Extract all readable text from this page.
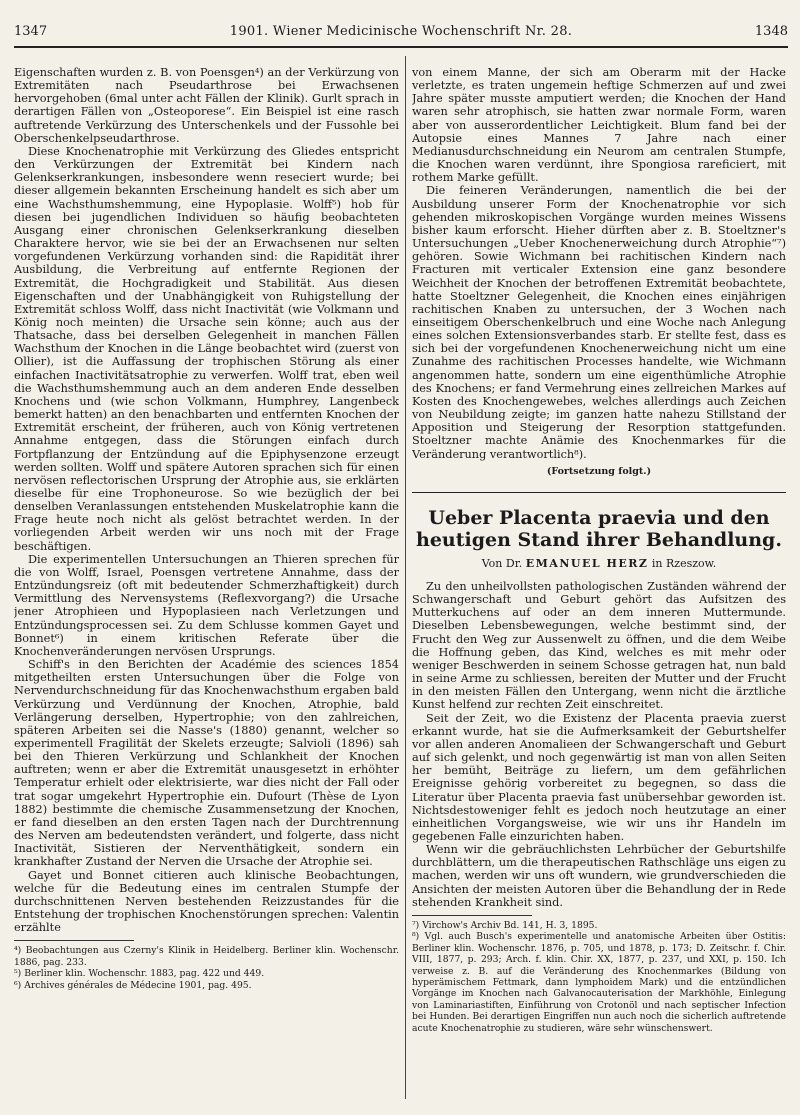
1347	1901. Wiener Medicinische Wochenschrift Nr. 28.	1348

Eigenschaften wurden z. B. von Poensgen⁴) an der Verkürzung von Extremitäten nach Pseudarthrose bei Erwachsenen hervorgehoben (6mal unter acht Fällen der Klinik). Gurlt sprach in derartigen Fällen von „Osteoporese“. Ein Beispiel ist eine rasch auftretende Verkürzung des Unterschenkels und der Fussohle bei Oberschenkelpseudarthrose.

Diese Knochenatrophie mit Verkürzung des Gliedes entspricht den Verkürzungen der Extremität bei Kindern nach Gelenkserkrankungen, insbesondere wenn reseciert wurde; bei dieser allgemein bekannten Erscheinung handelt es sich aber um eine Wachsthumshemmung, eine Hypoplasie. Wolff⁵) hob für diesen bei jugendlichen Individuen so häufig beobachteten Ausgang einer chronischen Gelenkserkrankung dieselben Charaktere hervor, wie sie bei der an Erwachsenen nur selten vorgefundenen Verkürzung vorhanden sind: die Rapidität ihrer Ausbildung, die Verbreitung auf entfernte Regionen der Extremität, die Hochgradigkeit und Stabilität. Aus diesen Eigenschaften und der Unabhängigkeit von Ruhigstellung der Extremität schloss Wolff, dass nicht Inactivität (wie Volkmann und König noch meinten) die Ursache sein könne; auch aus der Thatsache, dass bei derselben Gelegenheit in manchen Fällen Wachsthum der Knochen in die Länge beobachtet wird (zuerst von Ollier), ist die Auffassung der trophischen Störung als einer einfachen Inactivitätsatrophie zu verwerfen. Wolff trat, eben weil die Wachsthumshemmung auch an dem anderen Ende desselben Knochens und (wie schon Volkmann, Humphrey, Langenbeck bemerkt hatten) an den benachbarten und entfernten Knochen der Extremität erscheint, der früheren, auch von König vertretenen Annahme entgegen, dass die Störungen einfach durch Fortpflanzung der Entzündung auf die Epiphysenzone erzeugt werden sollten. Wolff und spätere Autoren sprachen sich für einen nervösen reflectorischen Ursprung der Atrophie aus, sie erklärten dieselbe für eine Trophoneurose. So wie bezüglich der bei denselben Veranlassungen entstehenden Muskelatrophie kann die Frage heute noch nicht als gelöst betrachtet werden. In der vorliegenden Arbeit werden wir uns noch mit der Frage beschäftigen.

Die experimentellen Untersuchungen an Thieren sprechen für die von Wolff, Israel, Poensgen vertretene Annahme, dass der Entzündungsreiz (oft mit bedeutender Schmerzhaftigkeit) durch Vermittlung des Nervensystems (Reflexvorgang?) die Ursache jener Atrophieen und Hypoplasieen nach Verletzungen und Entzündungsprocessen sei. Zu dem Schlusse kommen Gayet und Bonnet⁶) in einem kritischen Referate über die Knochenveränderungen nervösen Ursprungs.

Schiff's in den Berichten der Académie des sciences 1854 mitgetheilten ersten Untersuchungen über die Folge von Nervendurchschneidung für das Knochenwachsthum ergaben bald Verkürzung und Verdünnung der Knochen, Atrophie, bald Verlängerung derselben, Hypertrophie; von den zahlreichen, späteren Arbeiten sei die Nasse's (1880) genannt, welcher so experimentell Fragilität der Skelets erzeugte; Salvioli (1896) sah bei den Thieren Verkürzung und Schlankheit der Knochen auftreten; wenn er aber die Extremität unausgesetzt in erhöhter Temperatur erhielt oder elektrisierte, war dies nicht der Fall oder trat sogar umgekehrt Hypertrophie ein. Dufourt (Thèse de Lyon 1882) bestimmte die chemische Zusammensetzung der Knochen, er fand dieselben an den ersten Tagen nach der Durchtrennung des Nerven am bedeutendsten verändert, und folgerte, dass nicht Inactivität, Sistieren der Nerventhätigkeit, sondern ein krankhafter Zustand der Nerven die Ursache der Atrophie sei.

Gayet und Bonnet citieren auch klinische Beobachtungen, welche für die Bedeutung eines im centralen Stumpfe der durchschnittenen Nerven bestehenden Reizzustandes für die Entstehung der trophischen Knochenstörungen sprechen: Valentin erzählte

⁴) Beobachtungen aus Czerny's Klinik in Heidelberg. Berliner klin. Wochenschr. 1886, pag. 233.

⁵) Berliner klin. Wochenschr. 1883, pag. 422 und 449.

⁶) Archives générales de Médecine 1901, pag. 495.

von einem Manne, der sich am Oberarm mit der Hacke verletzte, es traten ungemein heftige Schmerzen auf und zwei Jahre später musste amputiert werden; die Knochen der Hand waren sehr atrophisch, sie hatten zwar normale Form, waren aber von ausserordentlicher Leichtigkeit. Blum fand bei der Autopsie eines Mannes 7 Jahre nach einer Medianusdurchschneidung ein Neurom am centralen Stumpfe, die Knochen waren verdünnt, ihre Spongiosa rareficiert, mit rothem Marke gefüllt.

Die feineren Veränderungen, namentlich die bei der Ausbildung unserer Form der Knochenatrophie vor sich gehenden mikroskopischen Vorgänge wurden meines Wissens bisher kaum erforscht. Hieher dürften aber z. B. Stoeltzner's Untersuchungen „Ueber Knochenerweichung durch Atrophie“⁷) gehören. Sowie Wichmann bei rachitischen Kindern nach Fracturen mit verticaler Extension eine ganz besondere Weichheit der Knochen der betroffenen Extremität beobachtete, hatte Stoeltzner Gelegenheit, die Knochen eines einjährigen rachitischen Knaben zu untersuchen, der 3 Wochen nach einseitigem Oberschenkelbruch und eine Woche nach Anlegung eines solchen Extensionsverbandes starb. Er stellte fest, dass es sich bei der vorgefundenen Knochenerweichung nicht um eine Zunahme des rachitischen Processes handelte, wie Wichmann angenommen hatte, sondern um eine eigenthümliche Atrophie des Knochens; er fand Vermehrung eines zellreichen Markes auf Kosten des Knochengewebes, welches allerdings auch Zeichen von Neubildung zeigte; im ganzen hatte nahezu Stillstand der Apposition und Steigerung der Resorption stattgefunden. Stoeltzner machte Anämie des Knochenmarkes für die Veränderung verantwortlich⁸).

(Fortsetzung folgt.)
Ueber Placenta praevia und den heutigen Stand ihrer Behandlung.
Von Dr. EMANUEL HERZ in Rzeszow.

Zu den unheilvollsten pathologischen Zuständen während der Schwangerschaft und Geburt gehört das Aufsitzen des Mutterkuchens auf oder an dem inneren Muttermunde. Dieselben Lebensbewegungen, welche bestimmt sind, der Frucht den Weg zur Aussenwelt zu öffnen, und die dem Weibe die Hoffnung geben, das Kind, welches es mit mehr oder weniger Beschwerden in seinem Schosse getragen hat, nun bald in seine Arme zu schliessen, bereiten der Mutter und der Frucht in den meisten Fällen den Untergang, wenn nicht die ärztliche Kunst helfend zur rechten Zeit einschreitet.

Seit der Zeit, wo die Existenz der Placenta praevia zuerst erkannt wurde, hat sie die Aufmerksamkeit der Geburtshelfer vor allen anderen Anomalieen der Schwangerschaft und Geburt auf sich gelenkt, und noch gegenwärtig ist man von allen Seiten her bemüht, Beiträge zu liefern, um dem gefährlichen Ereignisse gehörig vorbereitet zu begegnen, so dass die Literatur über Placenta praevia fast unübersehbar geworden ist. Nichtsdestoweniger fehlt es jedoch noch heutzutage an einer einheitlichen Vorgangsweise, wie wir uns ihr Handeln im gegebenen Falle einzurichten haben.

Wenn wir die gebräuchlichsten Lehrbücher der Geburtshilfe durchblättern, um die therapeutischen Rathschläge uns eigen zu machen, werden wir uns oft wundern, wie grundverschieden die Ansichten der meisten Autoren über die Behandlung der in Rede stehenden Krankheit sind.

⁷) Virchow's Archiv Bd. 141, H. 3, 1895.

⁸) Vgl. auch Busch's experimentelle und anatomische Arbeiten über Ostitis: Berliner klin. Wochenschr. 1876, p. 705, und 1878, p. 173; D. Zeitschr. f. Chir. VIII, 1877, p. 293; Arch. f. klin. Chir. XX, 1877, p. 237, und XXI, p. 150. Ich verweise z. B. auf die Veränderung des Knochenmarkes (Bildung von hyperämischem Fettmark, dann lymphoidem Mark) und die entzündlichen Vorgänge im Knochen nach Galvanocauterisation der Markhöhle, Einlegung von Laminariastiften, Einführung von Crotonöl und nach septischer Infection bei Hunden. Bei derartigen Eingriffen nun auch noch die sicherlich auftretende acute Knochenatrophie zu studieren, wäre sehr wünschenswert.
